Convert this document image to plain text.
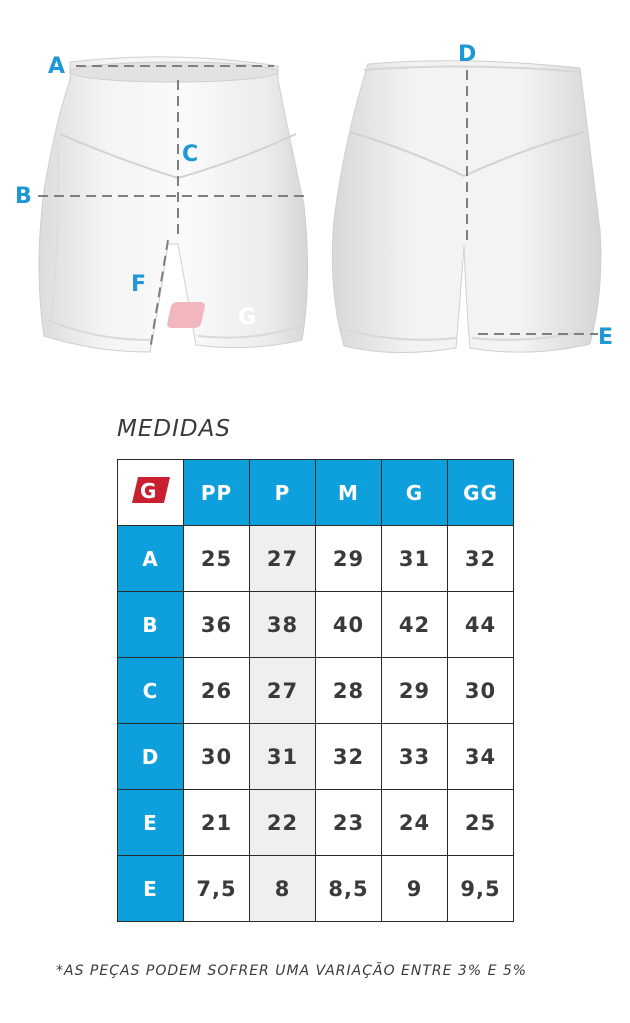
G
A
B
C
F
D
E
MEDIDAS
G	PP	P	M	G	GG
A	25	27	29	31	32
B	36	38	40	42	44
C	26	27	28	29	30
D	30	31	32	33	34
E	21	22	23	24	25
E	7,5	8	8,5	9	9,5
*AS PEÇAS PODEM SOFRER UMA VARIAÇÃO ENTRE 3% E 5%
